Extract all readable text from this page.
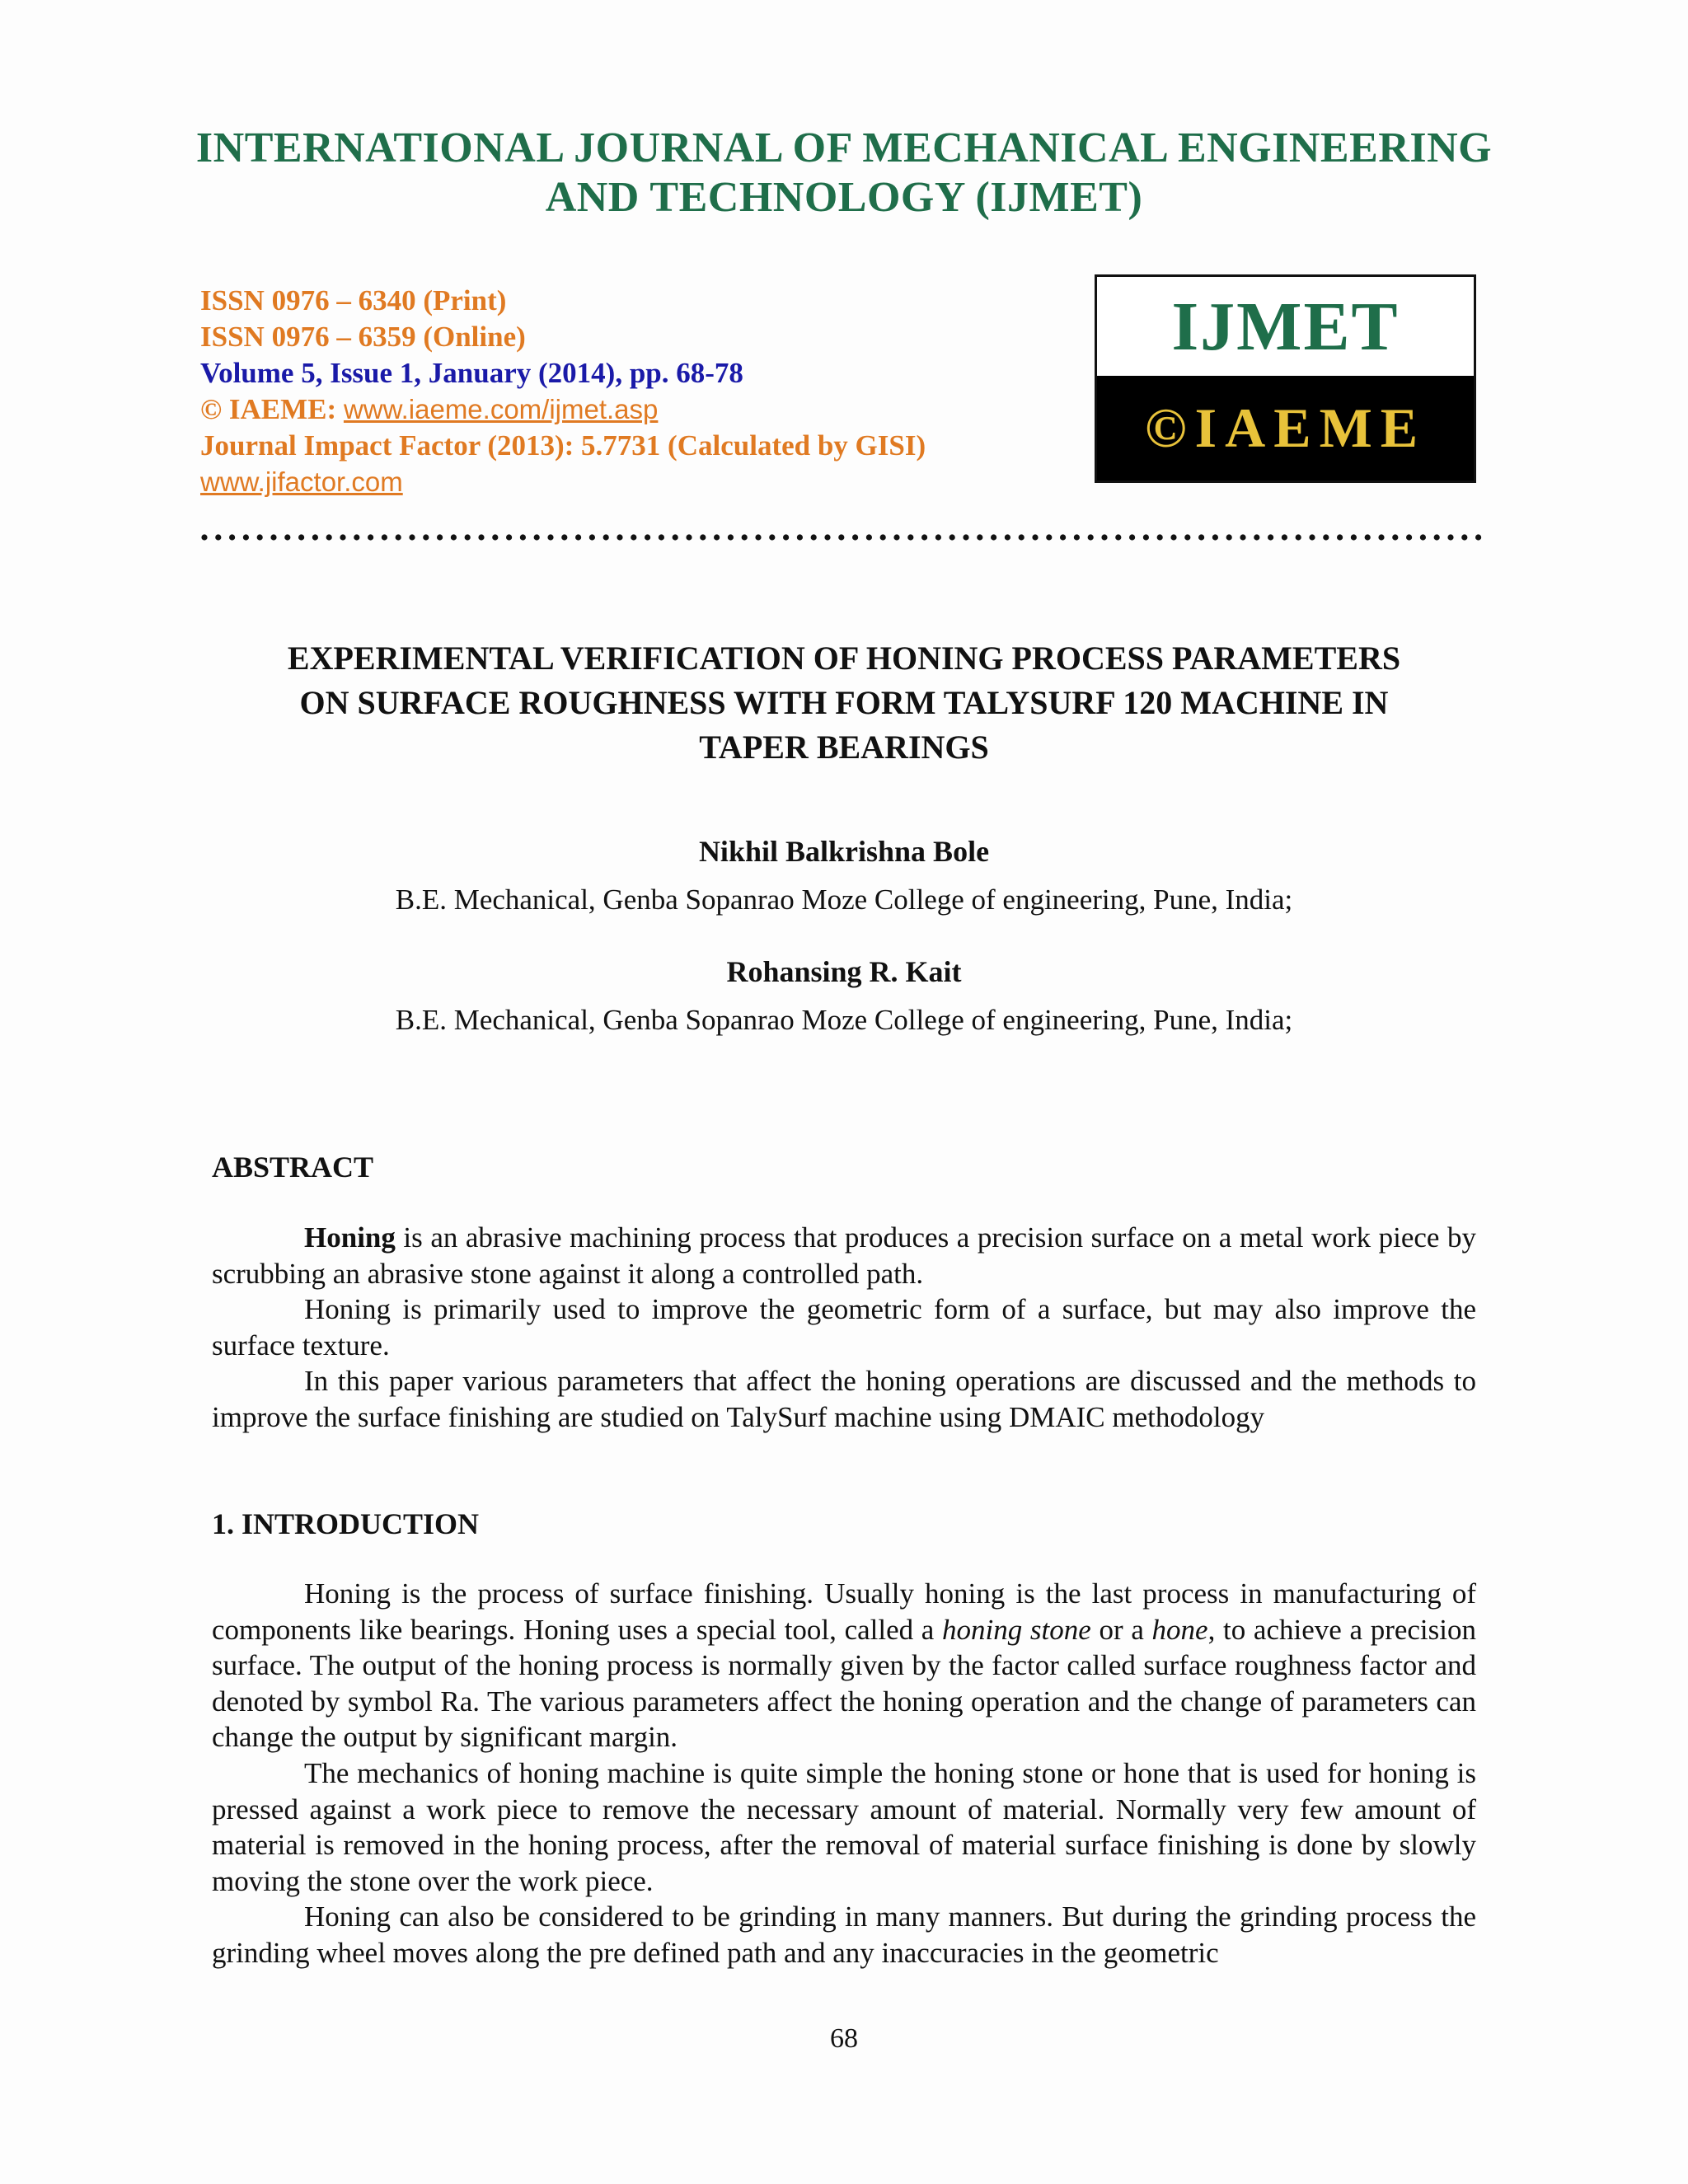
INTERNATIONAL JOURNAL OF MECHANICAL ENGINEERING
AND TECHNOLOGY (IJMET)
ISSN 0976 – 6340 (Print)
ISSN 0976 – 6359 (Online)
Volume 5, Issue 1, January (2014), pp. 68-78
© IAEME: www.iaeme.com/ijmet.asp
Journal Impact Factor (2013): 5.7731 (Calculated by GISI)
www.jifactor.com
IJMET
©IAEME
EXPERIMENTAL VERIFICATION OF HONING PROCESS PARAMETERS
ON SURFACE ROUGHNESS WITH FORM TALYSURF 120 MACHINE IN
TAPER BEARINGS
Nikhil Balkrishna Bole
B.E. Mechanical, Genba Sopanrao Moze College of engineering, Pune, India;
Rohansing R. Kait
B.E. Mechanical, Genba Sopanrao Moze College of engineering, Pune, India;
ABSTRACT

Honing is an abrasive machining process that produces a precision surface on a metal work piece by scrubbing an abrasive stone against it along a controlled path.

Honing is primarily used to improve the geometric form of a surface, but may also improve the surface texture.

In this paper various parameters that affect the honing operations are discussed and the methods to improve the surface finishing are studied on TalySurf machine using DMAIC methodology

1. INTRODUCTION

Honing is the process of surface finishing. Usually honing is the last process in manufacturing of components like bearings. Honing uses a special tool, called a honing stone or a hone, to achieve a precision surface. The output of the honing process is normally given by the factor called surface roughness factor and denoted by symbol Ra. The various parameters affect the honing operation and the change of parameters can change the output by significant margin.

The mechanics of honing machine is quite simple the honing stone or hone that is used for honing is pressed against a work piece to remove the necessary amount of material. Normally very few amount of material is removed in the honing process, after the removal of material surface finishing is done by slowly moving the stone over the work piece.

Honing can also be considered to be grinding in many manners. But during the grinding process the grinding wheel moves along the pre defined path and any inaccuracies in the geometric

68
